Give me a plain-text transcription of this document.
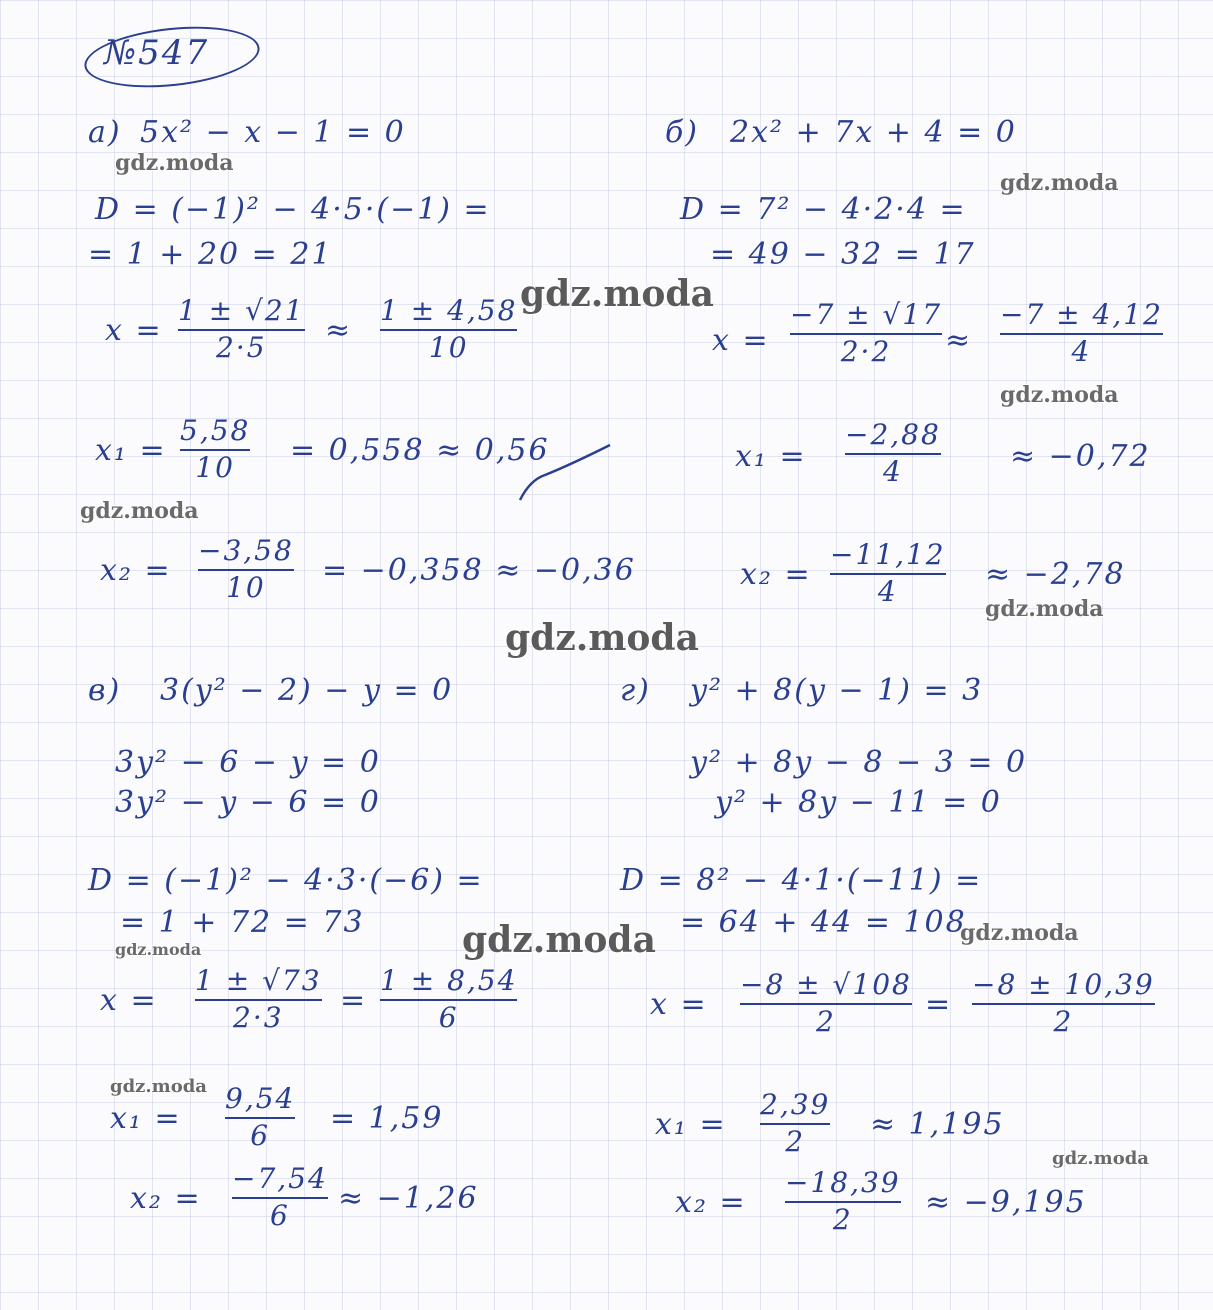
№547
а) 5x² − x − 1 = 0
D = (−1)² − 4·5·(−1) =
= 1 + 20 = 21
x =
1 ± √21
2·5 ≈
1 ± 4,58
10
x₁ =
5,58
10 = 0,558 ≈ 0,56
x₂ =
−3,58
10 = −0,358 ≈ −0,36
б) 2x² + 7x + 4 = 0
D = 7² − 4·2·4 =
= 49 − 32 = 17
x =
−7 ± √17
2·2 ≈
−7 ± 4,12
4
x₁ =
−2,88
4	≈ −0,72
x₂ =
−11,12
4	≈ −2,78
в) 3(y² − 2) − y = 0
3y² − 6 − y = 0
3y² − y − 6 = 0
D = (−1)² − 4·3·(−6) =
= 1 + 72 = 73
x =
1 ± √73
2·3 =
1 ± 8,54
6
x₁ =
9,54
6 = 1,59
x₂ =
−7,54
6 ≈ −1,26
г) y² + 8(y − 1) = 3
y² + 8y − 8 − 3 = 0
y² + 8y − 11 = 0
D = 8² − 4·1·(−11) =
= 64 + 44 = 108
x =
−8 ± √108
2	=
−8 ± 10,39
2
x₁ =
2,39
2 ≈ 1,195
x₂ =
−18,39
2 ≈ −9,195
gdz.moda
gdz.moda
gdz.moda
gdz.moda
gdz.moda
gdz.moda
gdz.moda
gdz.moda	gdz.moda
gdz.moda
gdz.moda
gdz.moda
